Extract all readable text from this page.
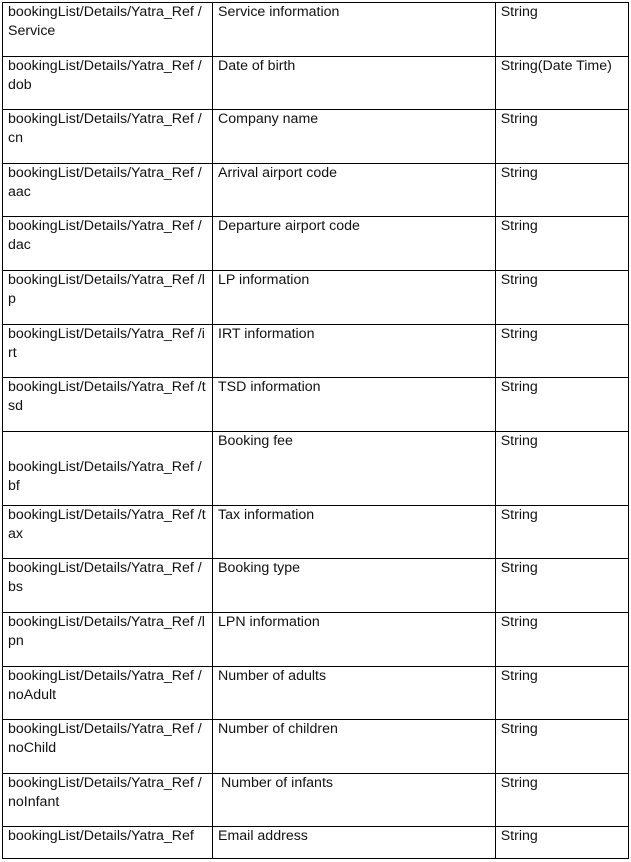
bookingList/Details/Yatra_Ref /Service	Service information	String

bookingList/Details/Yatra_Ref /dob	Date of birth	String(Date Time)

bookingList/Details/Yatra_Ref /cn	Company name	String

bookingList/Details/Yatra_Ref /aac	Arrival airport code	String

bookingList/Details/Yatra_Ref /dac	Departure airport code	String

bookingList/Details/Yatra_Ref /lp	LP information	String

bookingList/Details/Yatra_Ref /irt	IRT information	String

bookingList/Details/Yatra_Ref /tsd	TSD information	String

bookingList/Details/Yatra_Ref /bf	Booking fee	String

bookingList/Details/Yatra_Ref /tax	Tax information	String

bookingList/Details/Yatra_Ref /bs	Booking type	String

bookingList/Details/Yatra_Ref /lpn	LPN information	String

bookingList/Details/Yatra_Ref /noAdult	Number of adults	String

bookingList/Details/Yatra_Ref /noChild	Number of children	String

bookingList/Details/Yatra_Ref /noInfant	Number of infants	String

bookingList/Details/Yatra_Ref	Email address	String
